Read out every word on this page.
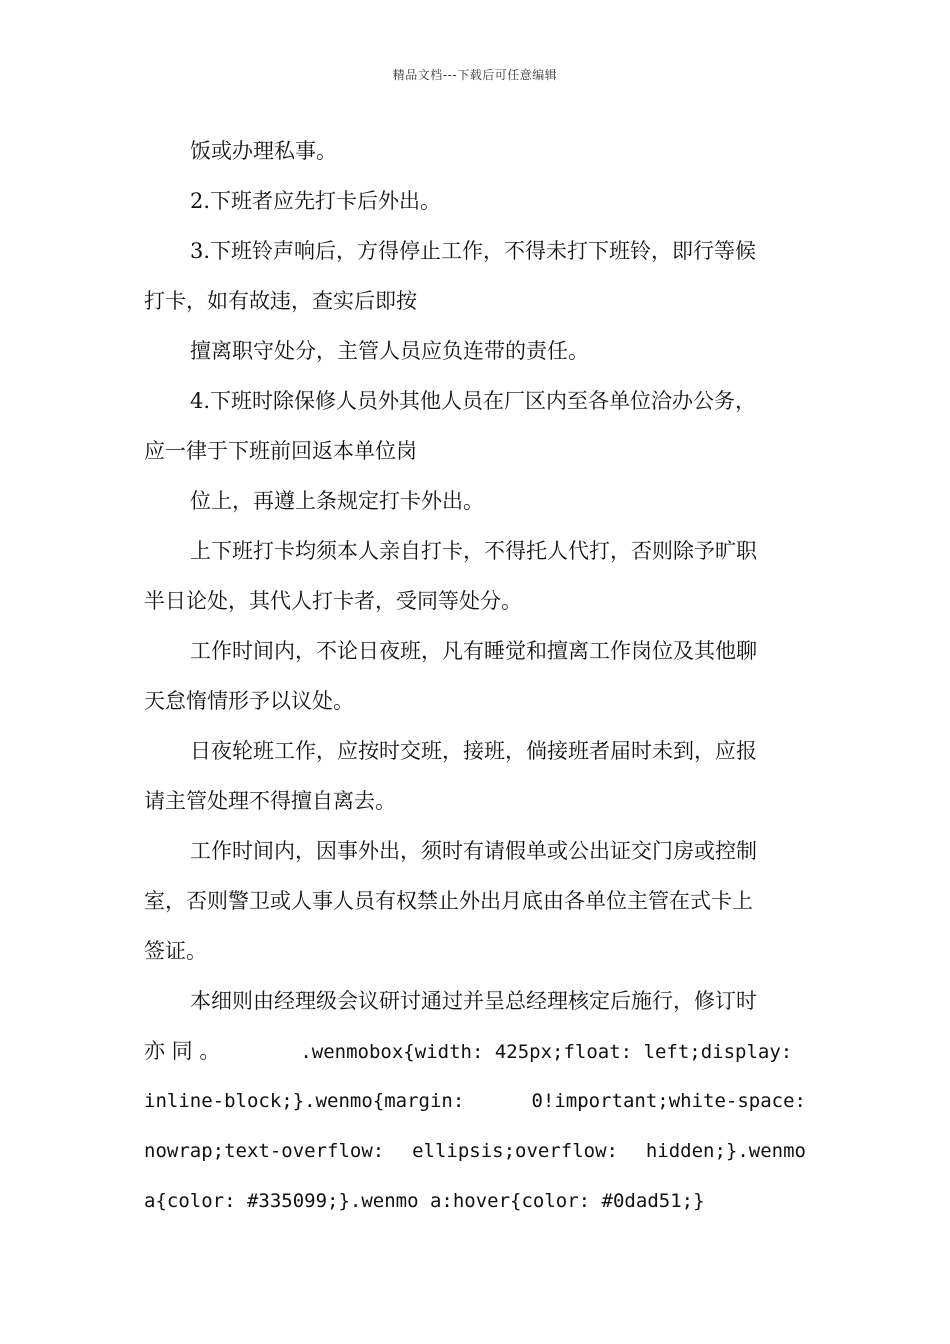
精品文档---下载后可任意编辑
饭或办理私事。
2.下班者应先打卡后外出。
3.下班铃声响后，方得停止工作，不得未打下班铃，即行等候
打卡，如有故违，查实后即按
擅离职守处分，主管人员应负连带的责任。
4.下班时除保修人员外其他人员在厂区内至各单位洽办公务，
应一律于下班前回返本单位岗
位上，再遵上条规定打卡外出。
上下班打卡均须本人亲自打卡，不得托人代打，否则除予旷职
半日论处，其代人打卡者，受同等处分。
工作时间内，不论日夜班，凡有睡觉和擅离工作岗位及其他聊
天怠惰情形予以议处。
日夜轮班工作，应按时交班，接班，倘接班者届时未到，应报
请主管处理不得擅自离去。
工作时间内，因事外出，须时有请假单或公出证交门房或控制
室，否则警卫或人事人员有权禁止外出月底由各单位主管在式卡上
签证。
本细则由经理级会议研讨通过并呈总经理核定后施行，修订时
亦 同 。	.wenmobox{width: 425px;float: left;display:
inline-block;}.wenmo{margin: 0!important;white-space:
nowrap;text-overflow: ellipsis;overflow: hidden;}.wenmo
a{color: #335099;}.wenmo a:hover{color: #0dad51;}
